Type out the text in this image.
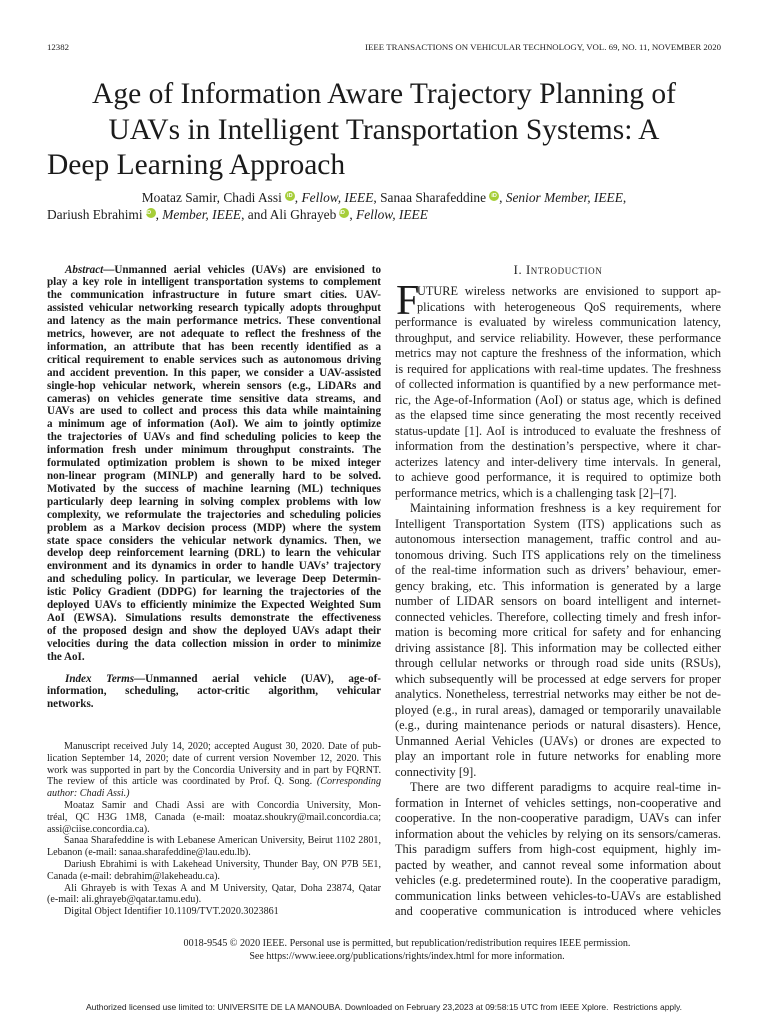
12382	IEEE TRANSACTIONS ON VEHICULAR TECHNOLOGY, VOL. 69, NO. 11, NOVEMBER 2020
Age of Information Aware Trajectory Planning of
UAVs in Intelligent Transportation Systems: A
Deep Learning Approach
Moataz Samir, Chadi Assi iD , Fellow, IEEE, Sanaa Sharafeddine iD , Senior Member, IEEE,
Dariush Ebrahimi iD , Member, IEEE, and Ali Ghrayeb iD , Fellow, IEEE
Abstract—Unmanned aerial vehicles (UAVs) are envisioned to
play a key role in intelligent transportation systems to complement
the communication infrastructure in future smart cities. UAV-
assisted vehicular networking research typically adopts throughput
and latency as the main performance metrics. These conventional
metrics, however, are not adequate to reflect the freshness of the
information, an attribute that has been recently identified as a
critical requirement to enable services such as autonomous driving
and accident prevention. In this paper, we consider a UAV-assisted
single-hop vehicular network, wherein sensors (e.g., LiDARs and
cameras) on vehicles generate time sensitive data streams, and
UAVs are used to collect and process this data while maintaining
a minimum age of information (AoI). We aim to jointly optimize
the trajectories of UAVs and find scheduling policies to keep the
information fresh under minimum throughput constraints. The
formulated optimization problem is shown to be mixed integer
non-linear program (MINLP) and generally hard to be solved.
Motivated by the success of machine learning (ML) techniques
particularly deep learning in solving complex problems with low
complexity, we reformulate the trajectories and scheduling policies
problem as a Markov decision process (MDP) where the system
state space considers the vehicular network dynamics. Then, we
develop deep reinforcement learning (DRL) to learn the vehicular
environment and its dynamics in order to handle UAVs’ trajectory
and scheduling policy. In particular, we leverage Deep Determin-
istic Policy Gradient (DDPG) for learning the trajectories of the
deployed UAVs to efficiently minimize the Expected Weighted Sum
AoI (EWSA). Simulations results demonstrate the effectiveness
of the proposed design and show the deployed UAVs adapt their
velocities during the data collection mission in order to minimize
the AoI.
Index Terms—Unmanned aerial vehicle (UAV), age-of-
information, scheduling, actor-critic algorithm, vehicular
networks.
Manuscript received July 14, 2020; accepted August 30, 2020. Date of pub-
lication September 14, 2020; date of current version November 12, 2020. This
work was supported in part by the Concordia University and in part by FQRNT.
The review of this article was coordinated by Prof. Q. Song. (Corresponding
author: Chadi Assi.)
Moataz Samir and Chadi Assi are with Concordia University, Mon-
tréal, QC H3G 1M8, Canada (e-mail: moataz.shoukry@mail.concordia.ca;
assi@ciise.concordia.ca).
Sanaa Sharafeddine is with Lebanese American University, Beirut 1102 2801,
Lebanon (e-mail: sanaa.sharafeddine@lau.edu.lb).
Dariush Ebrahimi is with Lakehead University, Thunder Bay, ON P7B 5E1,
Canada (e-mail: debrahim@lakeheadu.ca).
Ali Ghrayeb is with Texas A and M University, Qatar, Doha 23874, Qatar
(e-mail: ali.ghrayeb@qatar.tamu.edu).
Digital Object Identifier 10.1109/TVT.2020.3023861
I. Introduction
F
UTURE wireless networks are envisioned to support ap-
plications with heterogeneous QoS requirements, where
performance is evaluated by wireless communication latency,
throughput, and service reliability. However, these performance
metrics may not capture the freshness of the information, which
is required for applications with real-time updates. The freshness
of collected information is quantified by a new performance met-
ric, the Age-of-Information (AoI) or status age, which is defined
as the elapsed time since generating the most recently received
status-update [1]. AoI is introduced to evaluate the freshness of
information from the destination’s perspective, where it char-
acterizes latency and inter-delivery time intervals. In general,
to achieve good performance, it is required to optimize both
performance metrics, which is a challenging task [2]–[7].
Maintaining information freshness is a key requirement for
Intelligent Transportation System (ITS) applications such as
autonomous intersection management, traffic control and au-
tonomous driving. Such ITS applications rely on the timeliness
of the real-time information such as drivers’ behaviour, emer-
gency braking, etc. This information is generated by a large
number of LIDAR sensors on board intelligent and internet-
connected vehicles. Therefore, collecting timely and fresh infor-
mation is becoming more critical for safety and for enhancing
driving assistance [8]. This information may be collected either
through cellular networks or through road side units (RSUs),
which subsequently will be processed at edge servers for proper
analytics. Nonetheless, terrestrial networks may either be not de-
ployed (e.g., in rural areas), damaged or temporarily unavailable
(e.g., during maintenance periods or natural disasters). Hence,
Unmanned Aerial Vehicles (UAVs) or drones are expected to
play an important role in future networks for enabling more
connectivity [9].
There are two different paradigms to acquire real-time in-
formation in Internet of vehicles settings, non-cooperative and
cooperative. In the non-cooperative paradigm, UAVs can infer
information about the vehicles by relying on its sensors/cameras.
This paradigm suffers from high-cost equipment, highly im-
pacted by weather, and cannot reveal some information about
vehicles (e.g. predetermined route). In the cooperative paradigm,
communication links between vehicles-to-UAVs are established
and cooperative communication is introduced where vehicles
0018-9545 © 2020 IEEE. Personal use is permitted, but republication/redistribution requires IEEE permission.
See https://www.ieee.org/publications/rights/index.html for more information.
Authorized licensed use limited to: UNIVERSITE DE LA MANOUBA. Downloaded on February 23,2023 at 09:58:15 UTC from IEEE Xplore.  Restrictions apply.
